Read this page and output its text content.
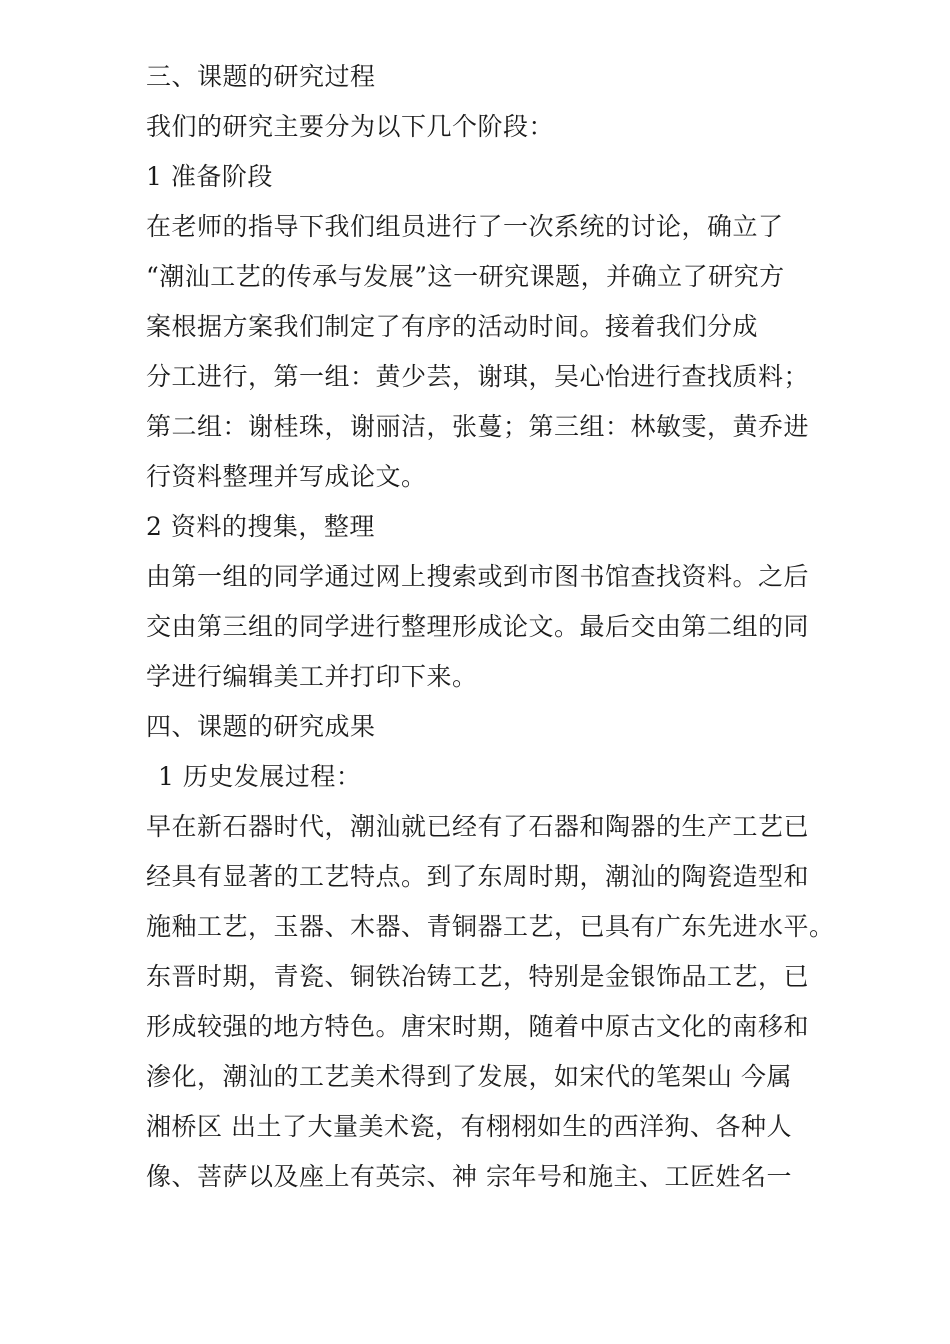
三、课题的研究过程
我们的研究主要分为以下几个阶段：
1 准备阶段
在老师的指导下我们组员进行了一次系统的讨论，确立了
“潮汕工艺的传承与发展”这一研究课题，并确立了研究方
案根据方案我们制定了有序的活动时间。接着我们分成
分工进行，第一组：黄少芸，谢琪，吴心怡进行查找质料；
第二组：谢桂珠，谢丽洁，张蔓；第三组：林敏雯，黄乔进
行资料整理并写成论文。
2 资料的搜集，整理
由第一组的同学通过网上搜索或到市图书馆查找资料。之后
交由第三组的同学进行整理形成论文。最后交由第二组的同
学进行编辑美工并打印下来。
四、课题的研究成果
1 历史发展过程：
早在新石器时代，潮汕就已经有了石器和陶器的生产工艺已
经具有显著的工艺特点。到了东周时期，潮汕的陶瓷造型和
施釉工艺，玉器、木器、青铜器工艺，已具有广东先进水平。
东晋时期，青瓷、铜铁冶铸工艺，特别是金银饰品工艺，已
形成较强的地方特色。唐宋时期，随着中原古文化的南移和
渗化，潮汕的工艺美术得到了发展，如宋代的笔架山 今属
湘桥区 出土了大量美术瓷，有栩栩如生的西洋狗、各种人
像、菩萨以及座上有英宗、神 宗年号和施主、工匠姓名一
